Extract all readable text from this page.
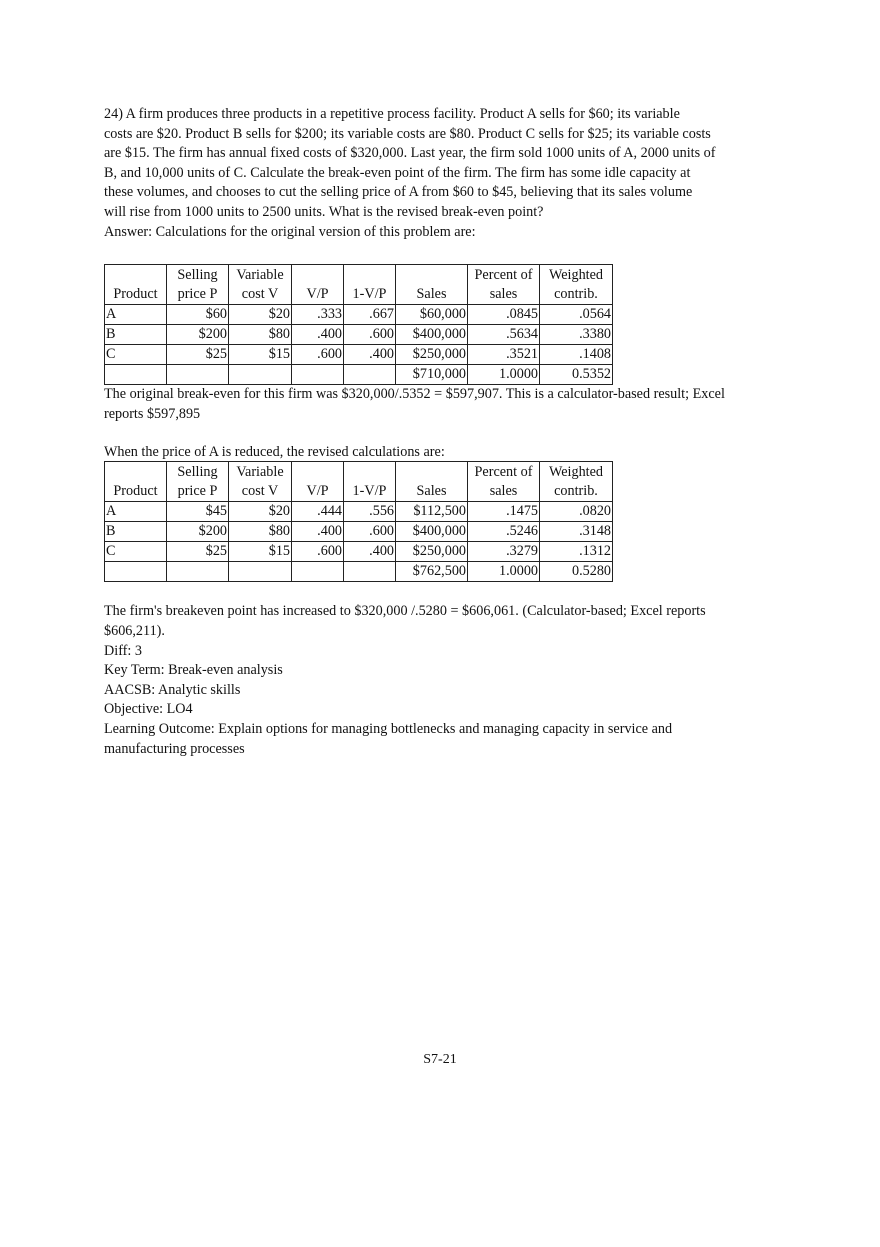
24) A firm produces three products in a repetitive process facility. Product A sells for $60; its variable
costs are $20. Product B sells for $200; its variable costs are $80. Product C sells for $25; its variable costs
are $15. The firm has annual fixed costs of $320,000. Last year, the firm sold 1000 units of A, 2000 units of
B, and 10,000 units of C. Calculate the break-even point of the firm. The firm has some idle capacity at
these volumes, and chooses to cut the selling price of A from $60 to $45, believing that its sales volume
will rise from 1000 units to 2500 units. What is the revised break-even point?
Answer: Calculations for the original version of this problem are:
	Selling	Variable				Percent of	Weighted
Product	price P	cost V	V/P	1-V/P	Sales	sales	contrib.
A	$60	$20	.333	.667	$60,000	.0845	.0564
B	$200	$80	.400	.600	$400,000	.5634	.3380
C	$25	$15	.600	.400	$250,000	.3521	.1408
					$710,000	1.0000	0.5352
The original break-even for this firm was $320,000/.5352 = $597,907. This is a calculator-based result; Excel
reports $597,895
When the price of A is reduced, the revised calculations are:
	Selling	Variable				Percent of	Weighted
Product	price P	cost V	V/P	1-V/P	Sales	sales	contrib.
A	$45	$20	.444	.556	$112,500	.1475	.0820
B	$200	$80	.400	.600	$400,000	.5246	.3148
C	$25	$15	.600	.400	$250,000	.3279	.1312
					$762,500	1.0000	0.5280
The firm's breakeven point has increased to $320,000 /.5280 = $606,061. (Calculator-based; Excel reports
$606,211).
Diff: 3
Key Term: Break-even analysis
AACSB: Analytic skills
Objective: LO4
Learning Outcome: Explain options for managing bottlenecks and managing capacity in service and
manufacturing processes
S7-21
